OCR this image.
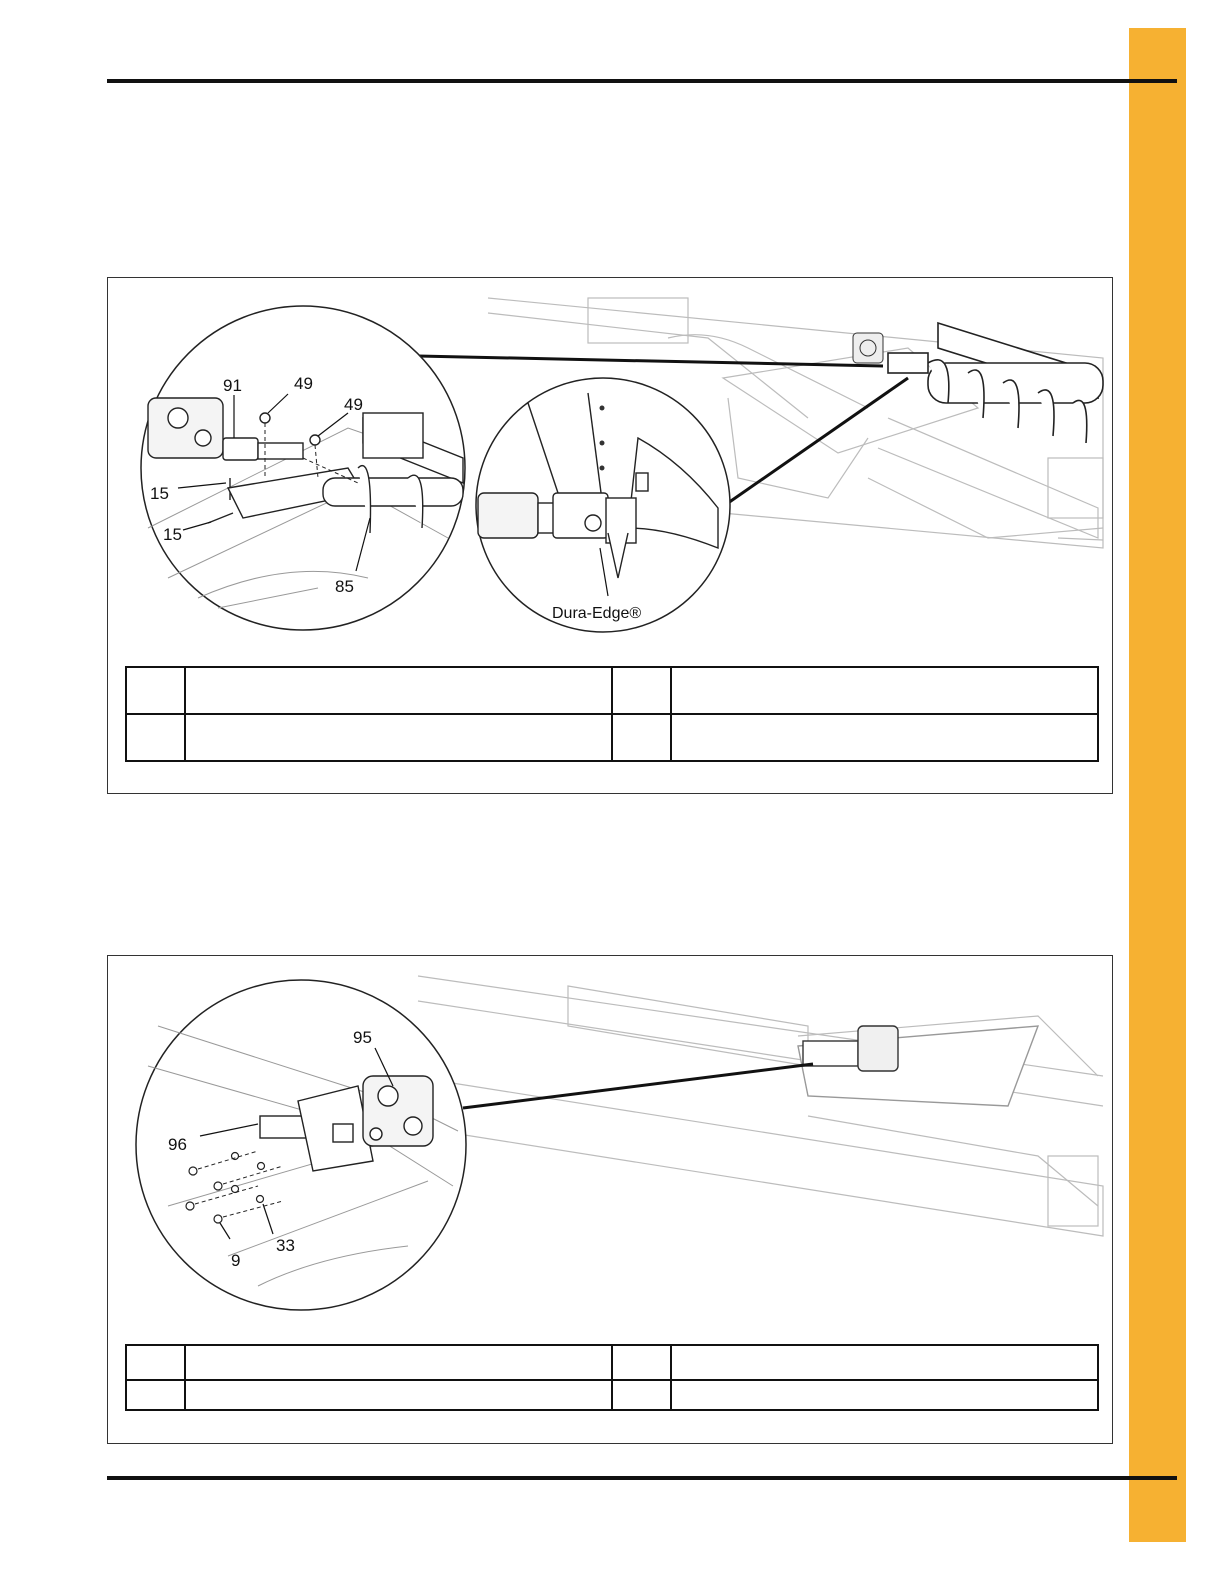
91	49
49
15
15
85
Dura-Edge®

95
96
9
33
